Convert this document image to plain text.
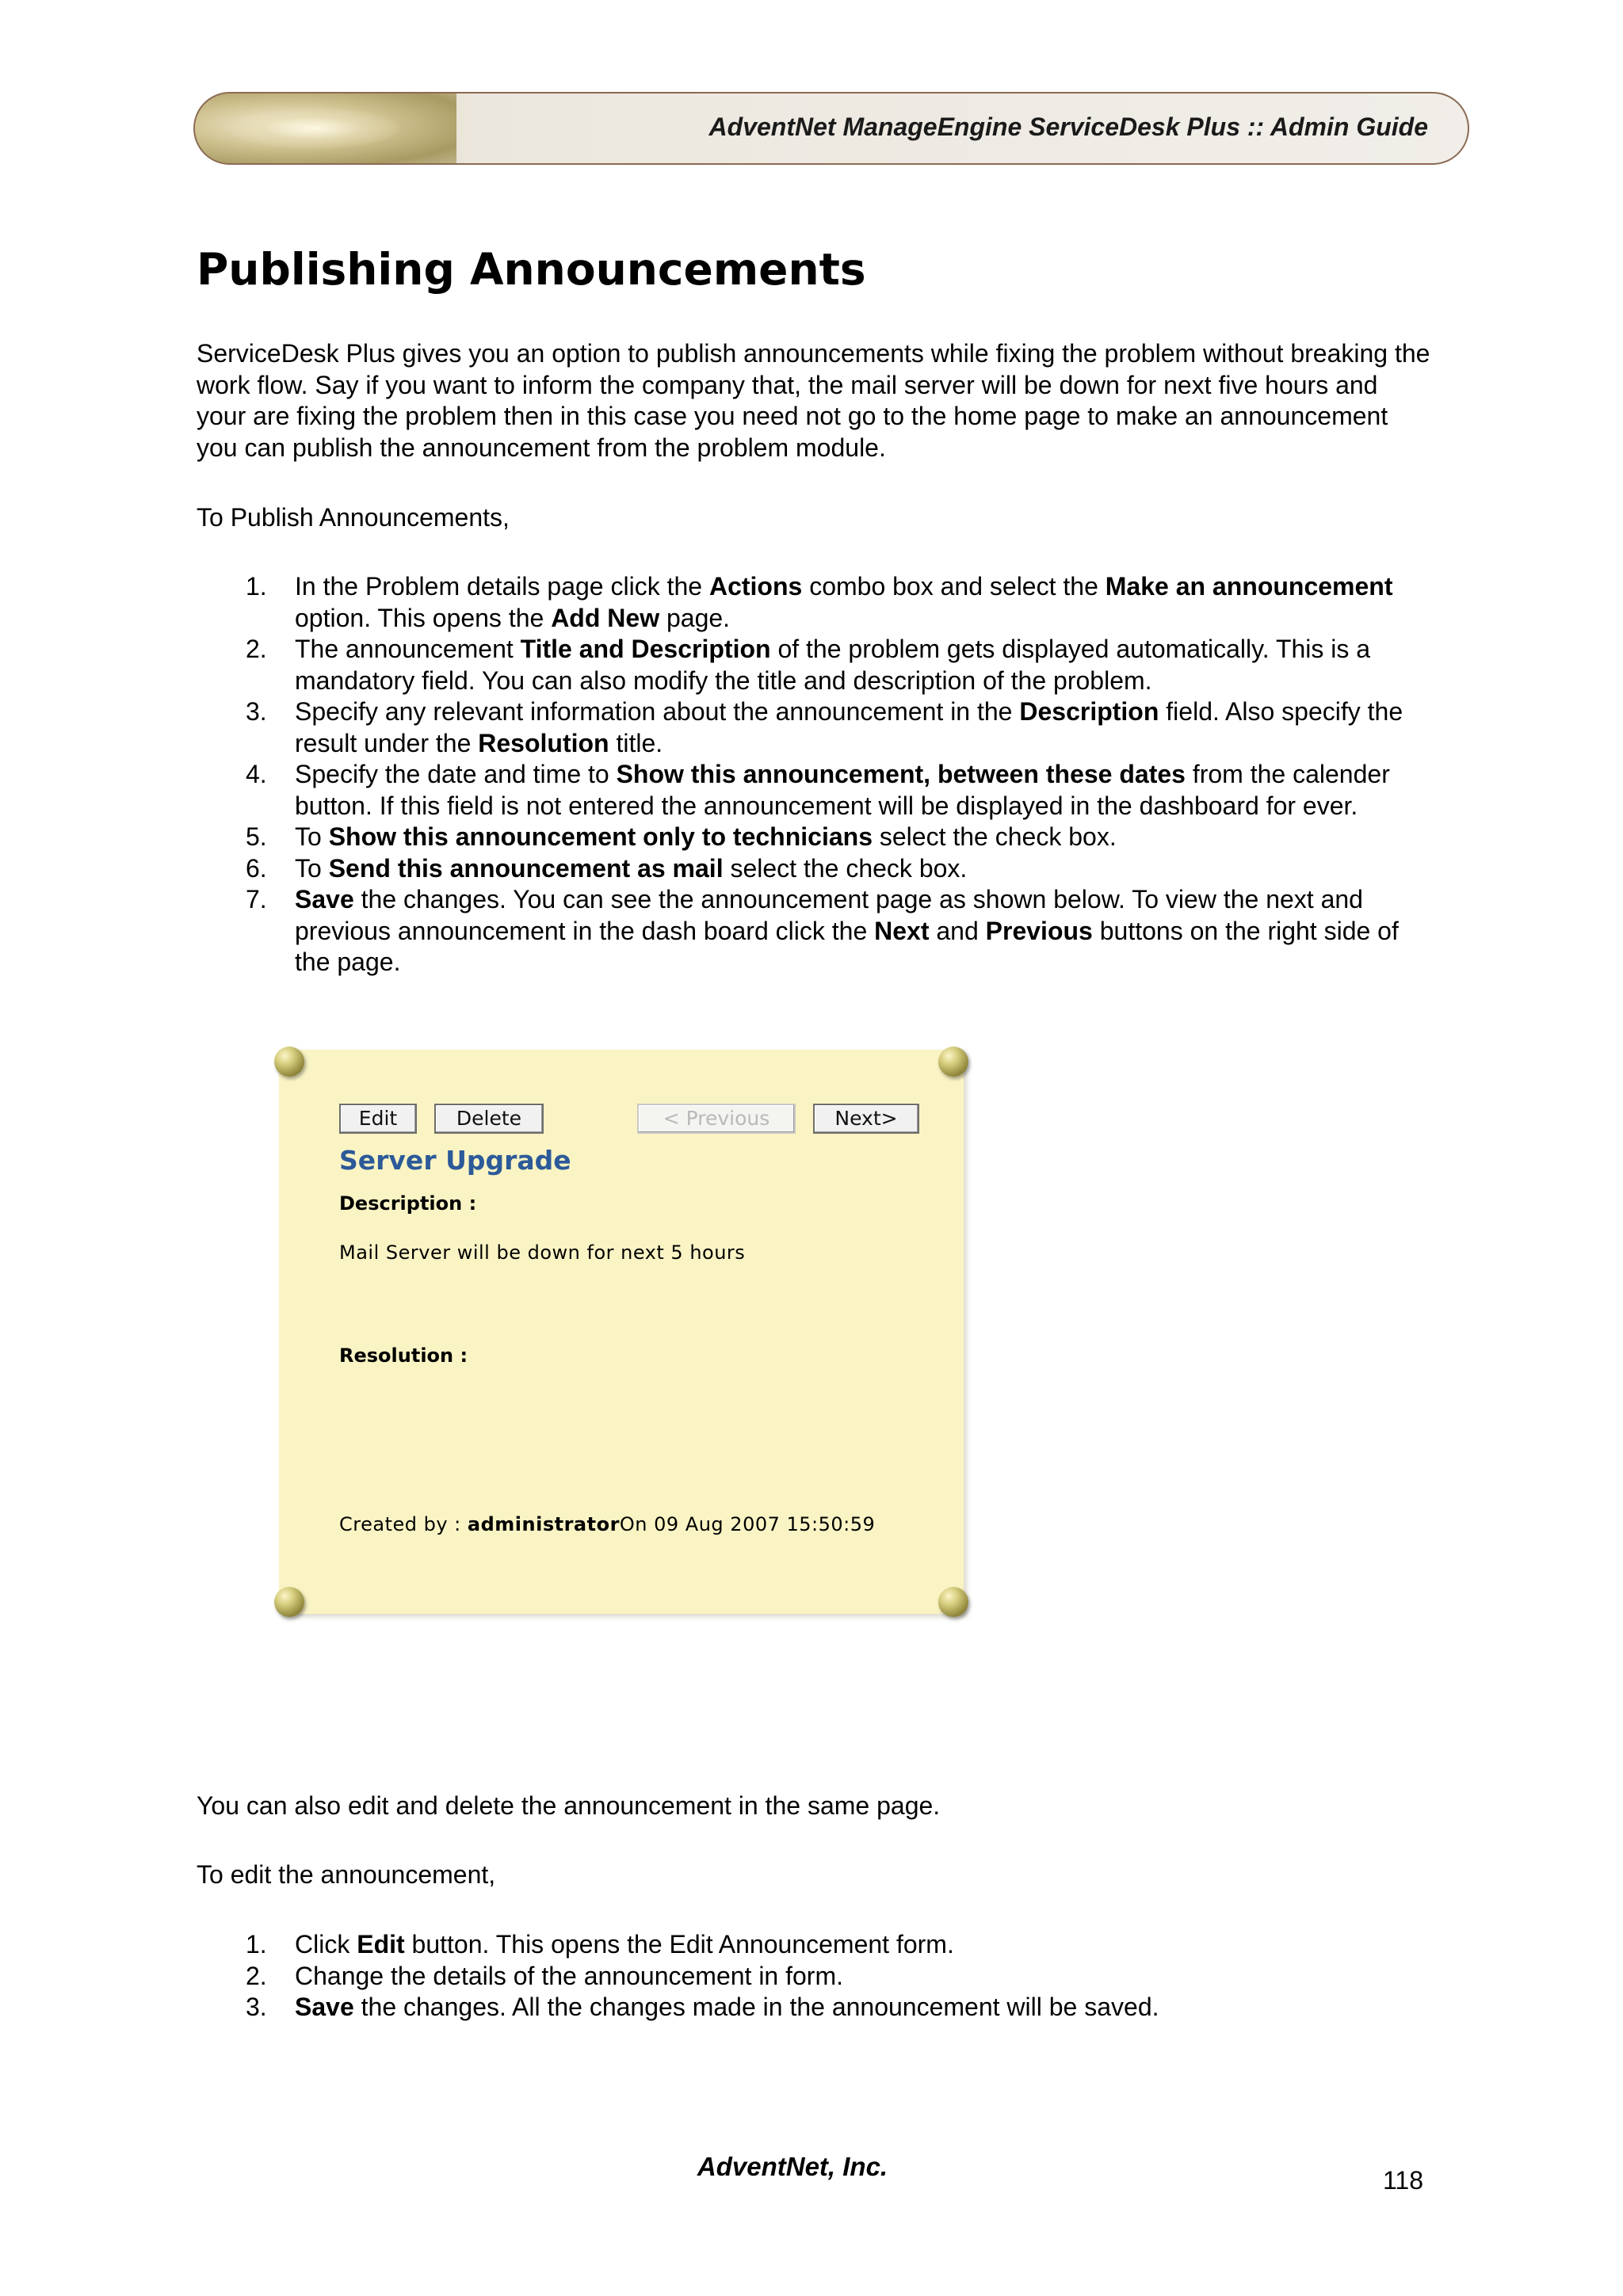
AdventNet ManageEngine ServiceDesk Plus :: Admin Guide
Publishing Announcements

ServiceDesk Plus gives you an option to publish announcements while fixing the problem without breaking the work flow. Say if you want to inform the company that, the mail server will be down for next five hours and your are fixing the problem then in this case you need not go to the home page to make an announcement you can publish the announcement from the problem module.

To Publish Announcements,

1. In the Problem details page click the Actions combo box and select the Make an announcement option. This opens the Add New page.
2. The announcement Title and Description of the problem gets displayed automatically. This is a mandatory field. You can also modify the title and description of the problem.
3. Specify any relevant information about the announcement in the Description field. Also specify the result under the Resolution title.
4. Specify the date and time to Show this announcement, between these dates from the calender button. If this field is not entered the announcement will be displayed in the dashboard for ever.
5. To Show this announcement only to technicians select the check box.
6. To Send this announcement as mail select the check box.
7. Save the changes. You can see the announcement page as shown below. To view the next and previous announcement in the dash board click the Next and Previous buttons on the right side of the page.
Edit	Delete	< Previous	Next>
Server Upgrade
Description :
Mail Server will be down for next 5 hours
Resolution :
Created by : administratorOn 09 Aug 2007 15:50:59

You can also edit and delete the announcement in the same page.

To edit the announcement,

1. Click Edit button. This opens the Edit Announcement form.
2. Change the details of the announcement in form.
3. Save the changes. All the changes made in the announcement will be saved.
AdventNet, Inc.	118
